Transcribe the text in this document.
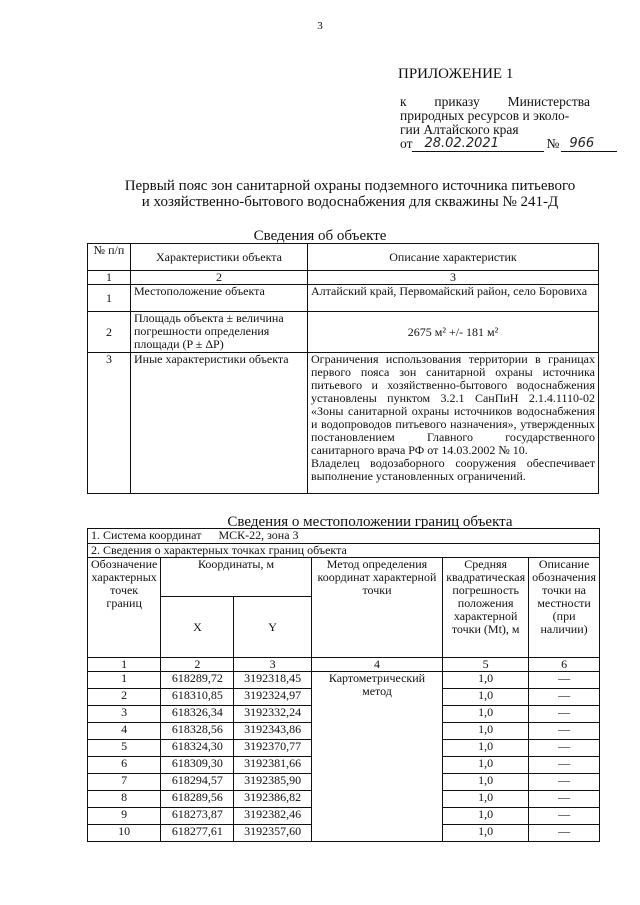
3
ПРИЛОЖЕНИЕ 1
к приказу Министерства
природных ресурсов и эколо-
гии Алтайского края
от 28.02.2021	№ 966
Первый пояс зон санитарной охраны подземного источника питьевого
и хозяйственно-бытового водоснабжения для скважины № 241-Д
Сведения об объекте
№ п/п	Характеристики объекта	Описание характеристик
1	2	3
1	Местоположение объекта	Алтайский край, Первомайский район, село Боровиха
2	Площадь объекта ± величина погрешности определения площади (P ± ΔP)	2675 м² +/- 181 м²
3	Иные характеристики объекта	Ограничения использования территории в границах первого пояса зон санитарной охраны источника питьевого и хозяйственно-бытового водоснабжения установлены пунктом 3.2.1 СанПиН 2.1.4.1110-02 «Зоны санитарной охраны источников водоснабжения и водопроводов питьевого назначения», утвержденных постановлением Главного государственного санитарного врача РФ от 14.03.2002 № 10.
Владелец водозаборного сооружения обеспечивает выполнение установленных ограничений.
Сведения о местоположении границ объекта
1. Система координат МСК-22, зона 3					
2. Сведения о характерных точках границ объекта					
Обозначение характерных точек границ	Координаты, м		Метод определения координат характерной точки	Средняя квадратическая погрешность положения характерной точки (Mt), м	Описание обозначения точки на местности (при наличии)
	X	Y			
1	2	3	4	5	6
1	618289,72	3192318,45	Картометрический метод	1,0	—
2	618310,85	3192324,97		1,0	—
3	618326,34	3192332,24		1,0	—
4	618328,56	3192343,86		1,0	—
5	618324,30	3192370,77		1,0	—
6	618309,30	3192381,66		1,0	—
7	618294,57	3192385,90		1,0	—
8	618289,56	3192386,82		1,0	—
9	618273,87	3192382,46		1,0	—
10	618277,61	3192357,60		1,0	—
